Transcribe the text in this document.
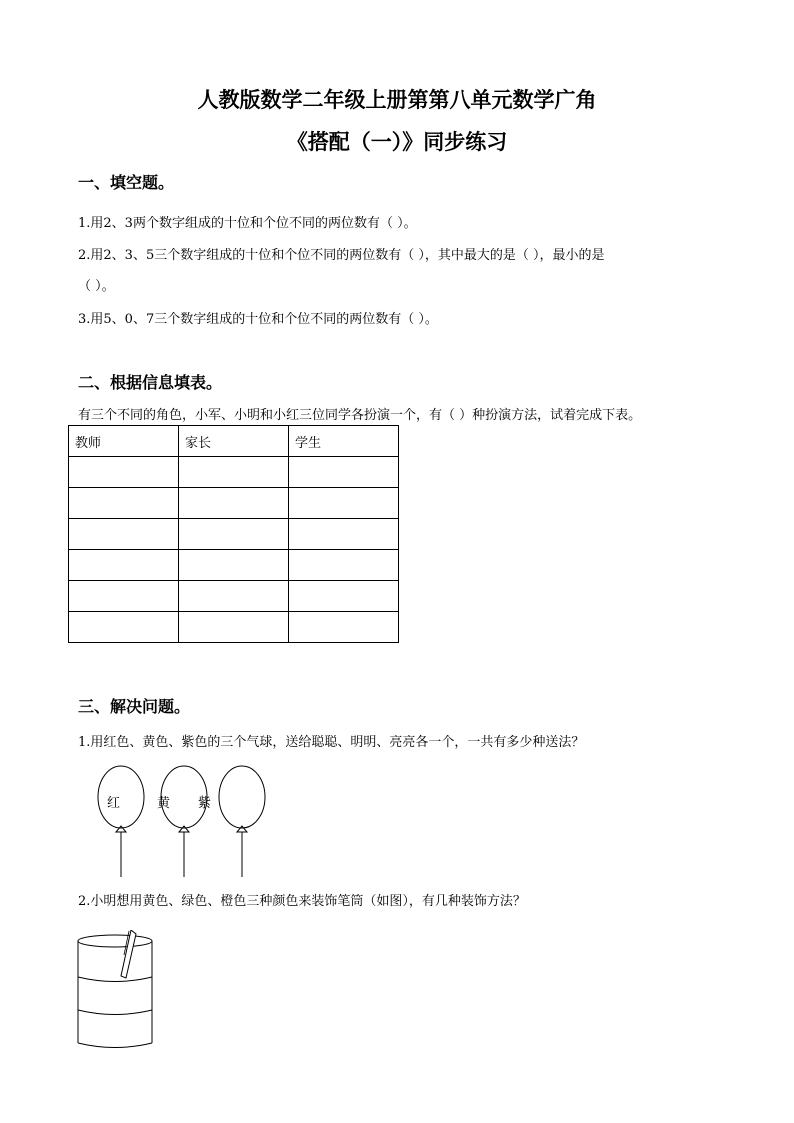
人教版数学二年级上册第第八单元数学广角
《搭配（一）》同步练习
一、填空题。
1.用2、3两个数字组成的十位和个位不同的两位数有（ ）。
2.用2、3、5三个数字组成的十位和个位不同的两位数有（ ），其中最大的是（ ），最小的是
（ ）。
3.用5、0、7三个数字组成的十位和个位不同的两位数有（ ）。
二、根据信息填表。
有三个不同的角色，小军、小明和小红三位同学各扮演一个，有（ ）种扮演方法，试着完成下表。
教师	家长	学生

三、解决问题。
1.用红色、黄色、紫色的三个气球，送给聪聪、明明、亮亮各一个，一共有多少种送法？
红	黄 紫
2.小明想用黄色、绿色、橙色三种颜色来装饰笔筒（如图），有几种装饰方法？
